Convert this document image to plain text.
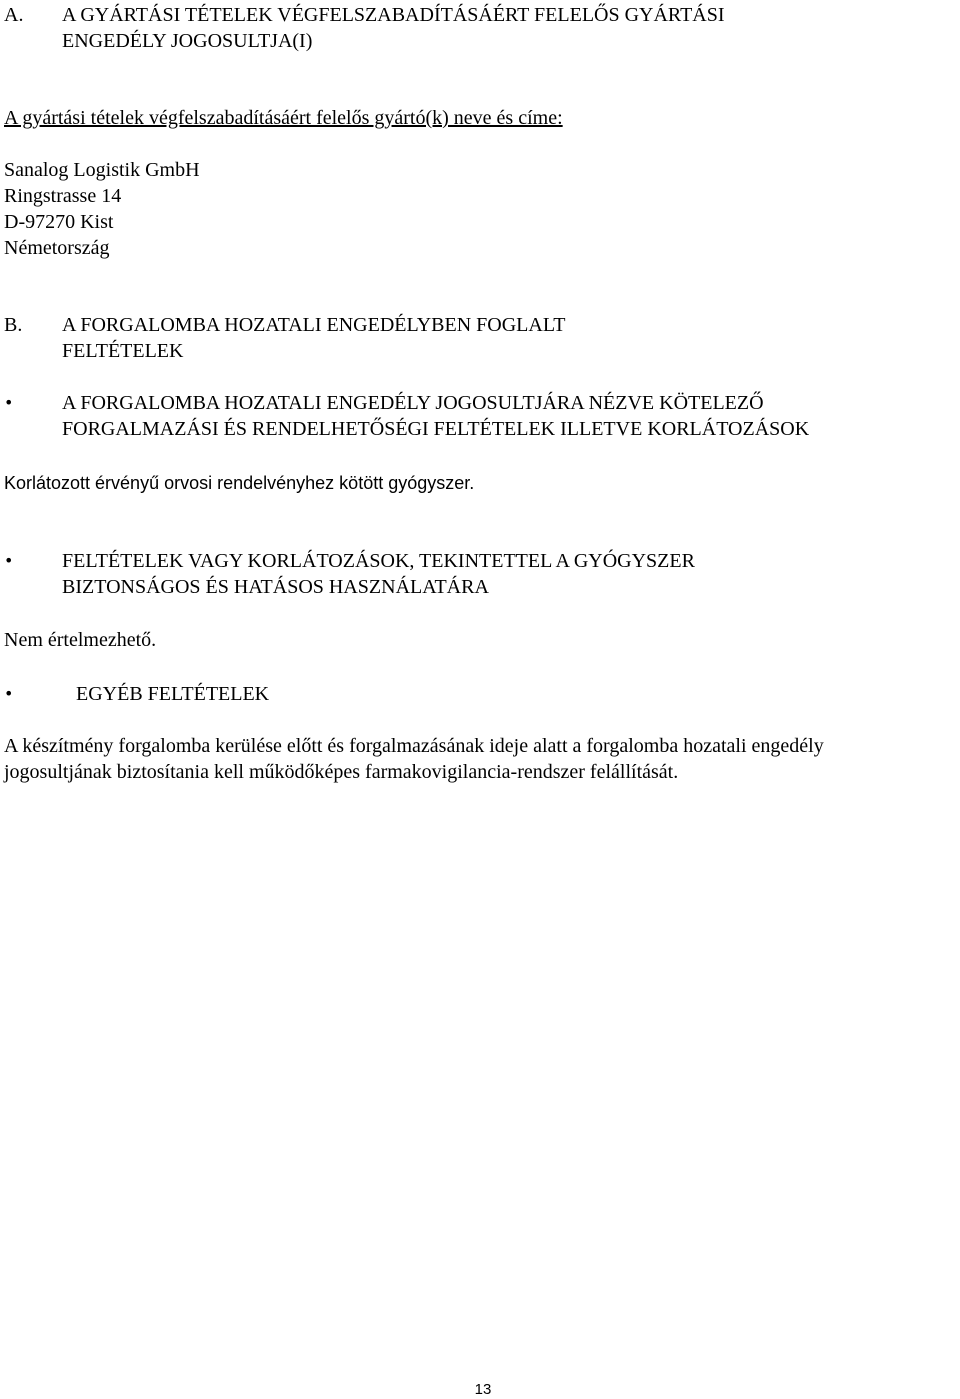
A. A GYÁRTÁSI TÉTELEK VÉGFELSZABADÍTÁSÁÉRT FELELŐS GYÁRTÁSI
ENGEDÉLY JOGOSULTJA(I)
A gyártási tételek végfelszabadításáért felelős gyártó(k) neve és címe:
Sanalog Logistik GmbH
Ringstrasse 14
D-97270 Kist
Németország
B. A FORGALOMBA HOZATALI ENGEDÉLYBEN FOGLALT
FELTÉTELEK
• A FORGALOMBA HOZATALI ENGEDÉLY JOGOSULTJÁRA NÉZVE KÖTELEZŐ
FORGALMAZÁSI ÉS RENDELHETŐSÉGI FELTÉTELEK ILLETVE KORLÁTOZÁSOK
Korlátozott érvényű orvosi rendelvényhez kötött gyógyszer.
• FELTÉTELEK VAGY KORLÁTOZÁSOK, TEKINTETTEL A GYÓGYSZER
BIZTONSÁGOS ÉS HATÁSOS HASZNÁLATÁRA
Nem értelmezhető.
•	EGYÉB FELTÉTELEK
A készítmény forgalomba kerülése előtt és forgalmazásának ideje alatt a forgalomba hozatali engedély
jogosultjának biztosítania kell működőképes farmakovigilancia-rendszer felállítását.
13
